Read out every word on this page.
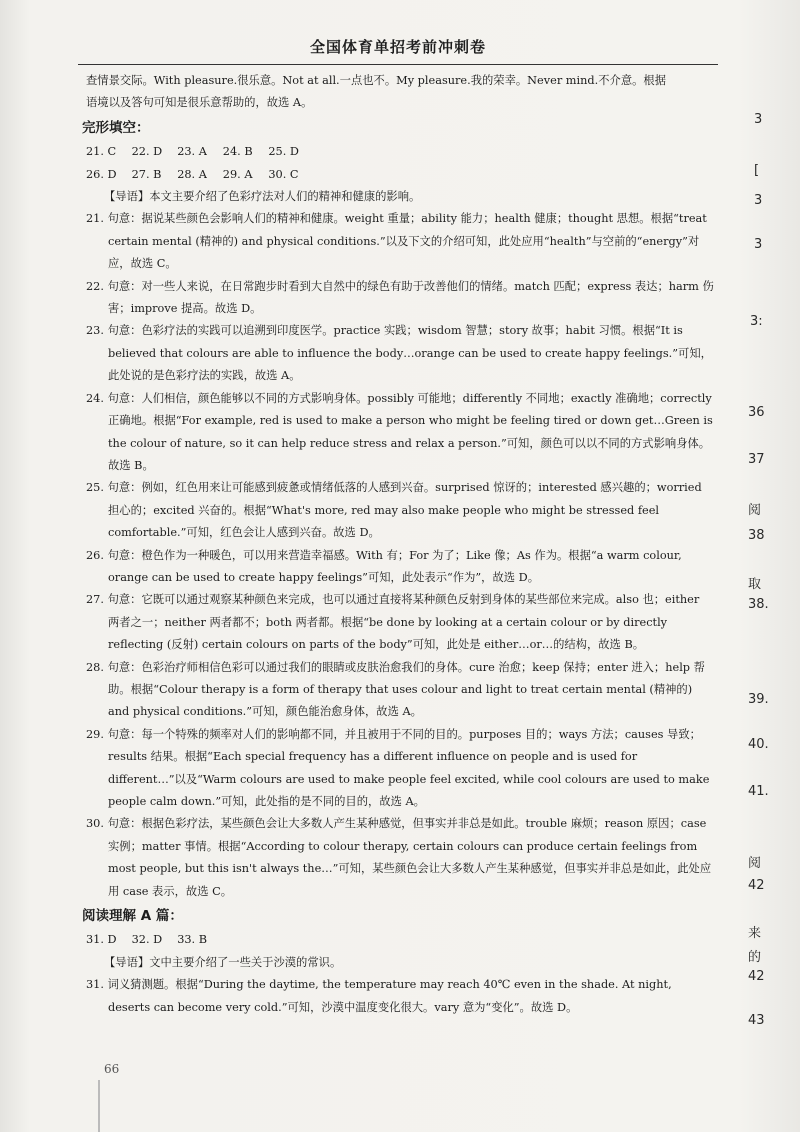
全国体育单招考前冲刺卷

查情景交际。With pleasure.很乐意。Not at all.一点也不。My pleasure.我的荣幸。Never mind.不介意。根据

语境以及答句可知是很乐意帮助的，故选 A。

完形填空：

21. C 22. D 23. A 24. B 25. D

26. D 27. B 28. A 29. A 30. C

【导语】本文主要介绍了色彩疗法对人们的精神和健康的影响。

21. 句意：据说某些颜色会影响人们的精神和健康。weight 重量；ability 能力；health 健康；thought 思想。根据“treat certain mental (精神的) and physical conditions.”以及下文的介绍可知，此处应用“health”与空前的“energy”对应，故选 C。

22. 句意：对一些人来说，在日常跑步时看到大自然中的绿色有助于改善他们的情绪。match 匹配；express 表达；harm 伤害；improve 提高。故选 D。

23. 句意：色彩疗法的实践可以追溯到印度医学。practice 实践；wisdom 智慧；story 故事；habit 习惯。根据“It is believed that colours are able to influence the body…orange can be used to create happy feelings.”可知，此处说的是色彩疗法的实践，故选 A。

24. 句意：人们相信，颜色能够以不同的方式影响身体。possibly 可能地；differently 不同地；exactly 准确地；correctly 正确地。根据“For example, red is used to make a person who might be feeling tired or down get…Green is the colour of nature, so it can help reduce stress and relax a person.”可知，颜色可以以不同的方式影响身体。故选 B。

25. 句意：例如，红色用来让可能感到疲惫或情绪低落的人感到兴奋。surprised 惊讶的；interested 感兴趣的；worried 担心的；excited 兴奋的。根据“What's more, red may also make people who might be stressed feel comfortable.”可知，红色会让人感到兴奋。故选 D。

26. 句意：橙色作为一种暖色，可以用来营造幸福感。With 有；For 为了；Like 像；As 作为。根据“a warm colour, orange can be used to create happy feelings”可知，此处表示“作为”，故选 D。

27. 句意：它既可以通过观察某种颜色来完成，也可以通过直接将某种颜色反射到身体的某些部位来完成。also 也；either 两者之一；neither 两者都不；both 两者都。根据“be done by looking at a certain colour or by directly reflecting (反射) certain colours on parts of the body”可知，此处是 either…or…的结构，故选 B。

28. 句意：色彩治疗师相信色彩可以通过我们的眼睛或皮肤治愈我们的身体。cure 治愈；keep 保持；enter 进入；help 帮助。根据“Colour therapy is a form of therapy that uses colour and light to treat certain mental (精神的) and physical conditions.”可知，颜色能治愈身体，故选 A。

29. 句意：每一个特殊的频率对人们的影响都不同，并且被用于不同的目的。purposes 目的；ways 方法；causes 导致；results 结果。根据“Each special frequency has a different influence on people and is used for different…”以及“Warm colours are used to make people feel excited, while cool colours are used to make people calm down.”可知，此处指的是不同的目的，故选 A。

30. 句意：根据色彩疗法，某些颜色会让大多数人产生某种感觉，但事实并非总是如此。trouble 麻烦；reason 原因；case 实例；matter 事情。根据“According to colour therapy, certain colours can produce certain feelings from most people, but this isn't always the…”可知，某些颜色会让大多数人产生某种感觉，但事实并非总是如此，此处应用 case 表示，故选 C。

阅读理解 A 篇：

31. D 32. D 33. B

【导语】文中主要介绍了一些关于沙漠的常识。

31. 词义猜测题。根据“During the daytime, the temperature may reach 40℃ even in the shade. At night, deserts can become very cold.”可知，沙漠中温度变化很大。vary 意为“变化”。故选 D。

3
[
3
3
3:
36
37
阅
38
取
38.
39.
40.
41.
阅
42
来
的
42
43
66
